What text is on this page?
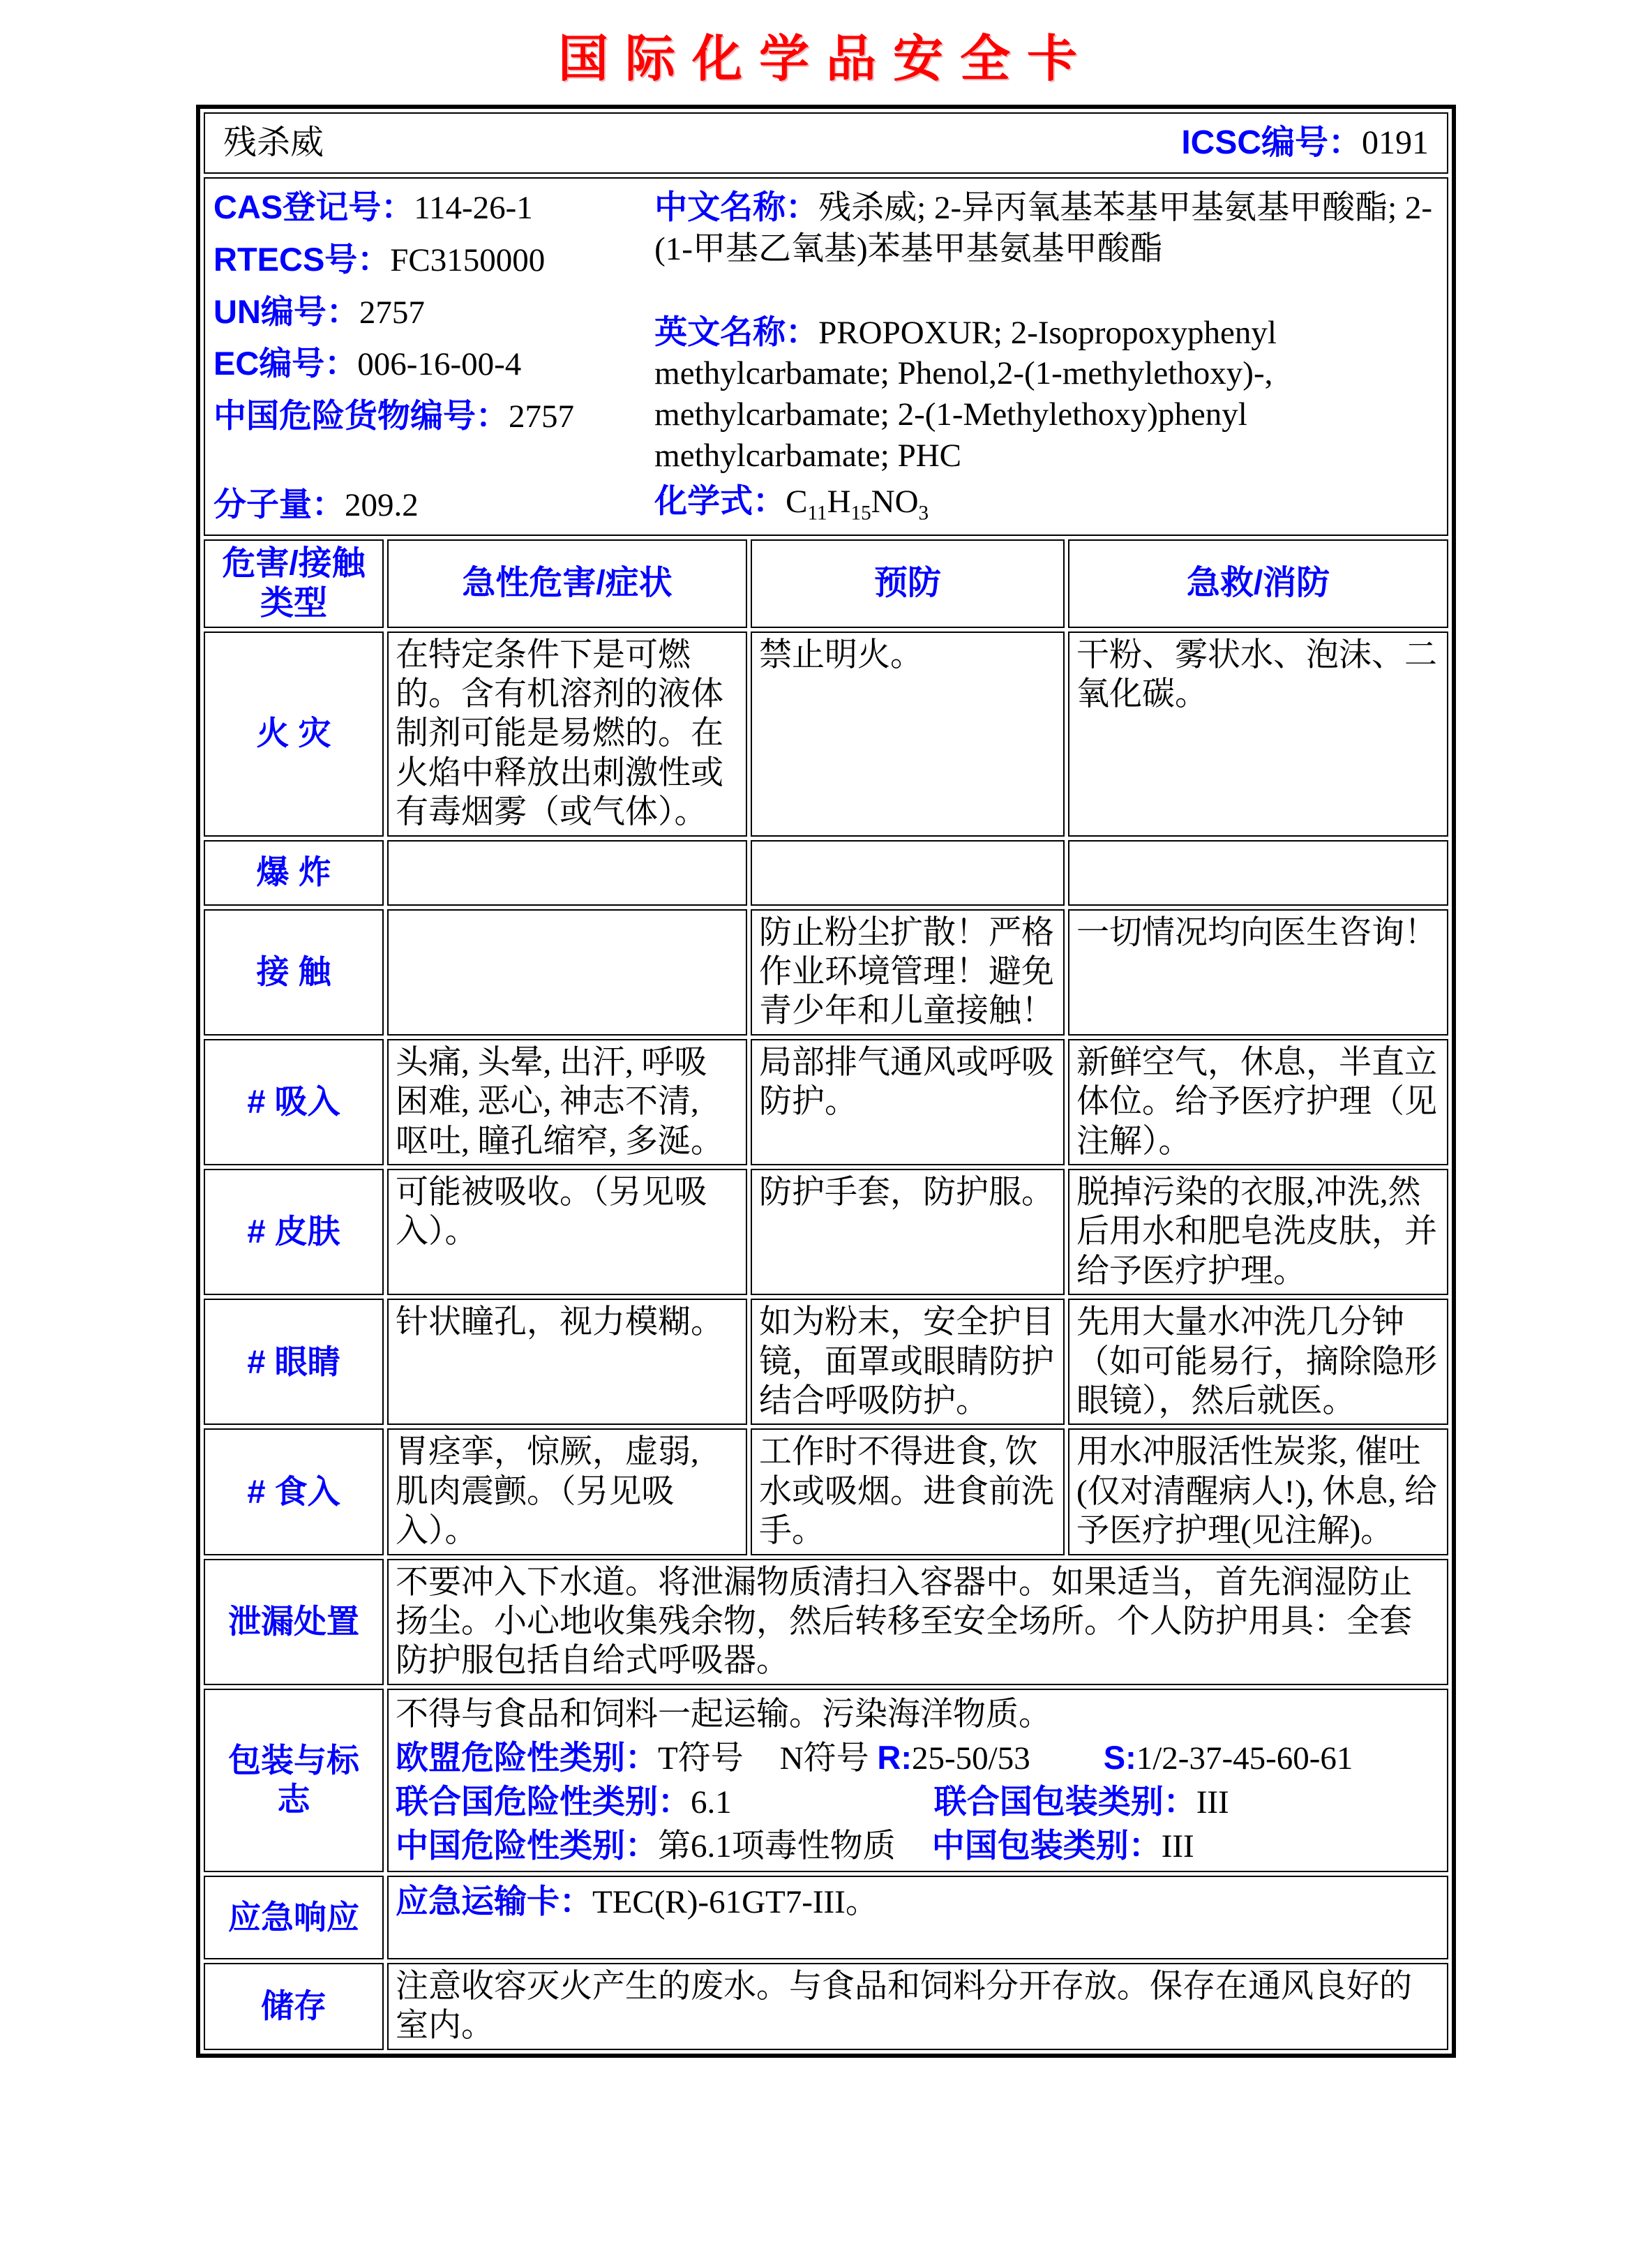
国际化学品安全卡
残杀威 ICSC编号：0191			

CAS登记号：114-26-1
RTECS号：FC3150000
UN编号：2757
EC编号：006-16-00-4
中国危险货物编号：2757
分子量：209.2

中文名称：残杀威; 2-异丙氧基苯基甲基氨基甲酸酯; 2-(1-甲基乙氧基)苯基甲基氨基甲酸酯

英文名称：PROPOXUR; 2-Isopropoxyphenyl methylcarbamate; Phenol,2-(1-methylethoxy)-, methylcarbamate; 2-(1-Methylethoxy)phenyl methylcarbamate; PHC

化学式：$C_{11}H_{15}NO_3$

危害/接触类型	急性危害/症状	预防	急救/消防
火 灾	在特定条件下是可燃的。含有机溶剂的液体制剂可能是易燃的。在火焰中释放出刺激性或有毒烟雾（或气体）。	禁止明火。	干粉、雾状水、泡沫、二氧化碳。
爆 炸			
接 触		防止粉尘扩散！严格作业环境管理！避免青少年和儿童接触！	一切情况均向医生咨询！
# 吸入	头痛, 头晕, 出汗, 呼吸困难, 恶心, 神志不清, 呕吐, 瞳孔缩窄, 多涎。	局部排气通风或呼吸防护。	新鲜空气，休息，半直立体位。给予医疗护理（见注解）。
# 皮肤	可能被吸收。（另见吸入）。	防护手套，防护服。	脱掉污染的衣服,冲洗,然后用水和肥皂洗皮肤，并给予医疗护理。
# 眼睛	针状瞳孔，视力模糊。	如为粉末，安全护目镜，面罩或眼睛防护结合呼吸防护。	先用大量水冲洗几分钟（如可能易行，摘除隐形眼镜），然后就医。
# 食入	胃痉挛，惊厥，虚弱, 肌肉震颤。（另见吸入）。	工作时不得进食, 饮水或吸烟。进食前洗手。	用水冲服活性炭浆, 催吐(仅对清醒病人!), 休息, 给予医疗护理(见注解)。
泄漏处置	不要冲入下水道。将泄漏物质清扫入容器中。如果适当，首先润湿防止扬尘。小心地收集残余物，然后转移至安全场所。个人防护用具：全套防护服包括自给式呼吸器。		
包装与标志	不得与食品和饲料一起运输。污染海洋物质。
欧盟危险性类别：T符号 N符号 R:25-50/53 S:1/2-37-45-60-61
联合国危险性类别：6.1 联合国包装类别：III
中国危险性类别：第6.1项毒性物质 中国包装类别：III		

应急响应	应急运输卡：TEC(R)-61GT7-III。		

储存	注意收容灭火产生的废水。与食品和饲料分开存放。保存在通风良好的室内。		
